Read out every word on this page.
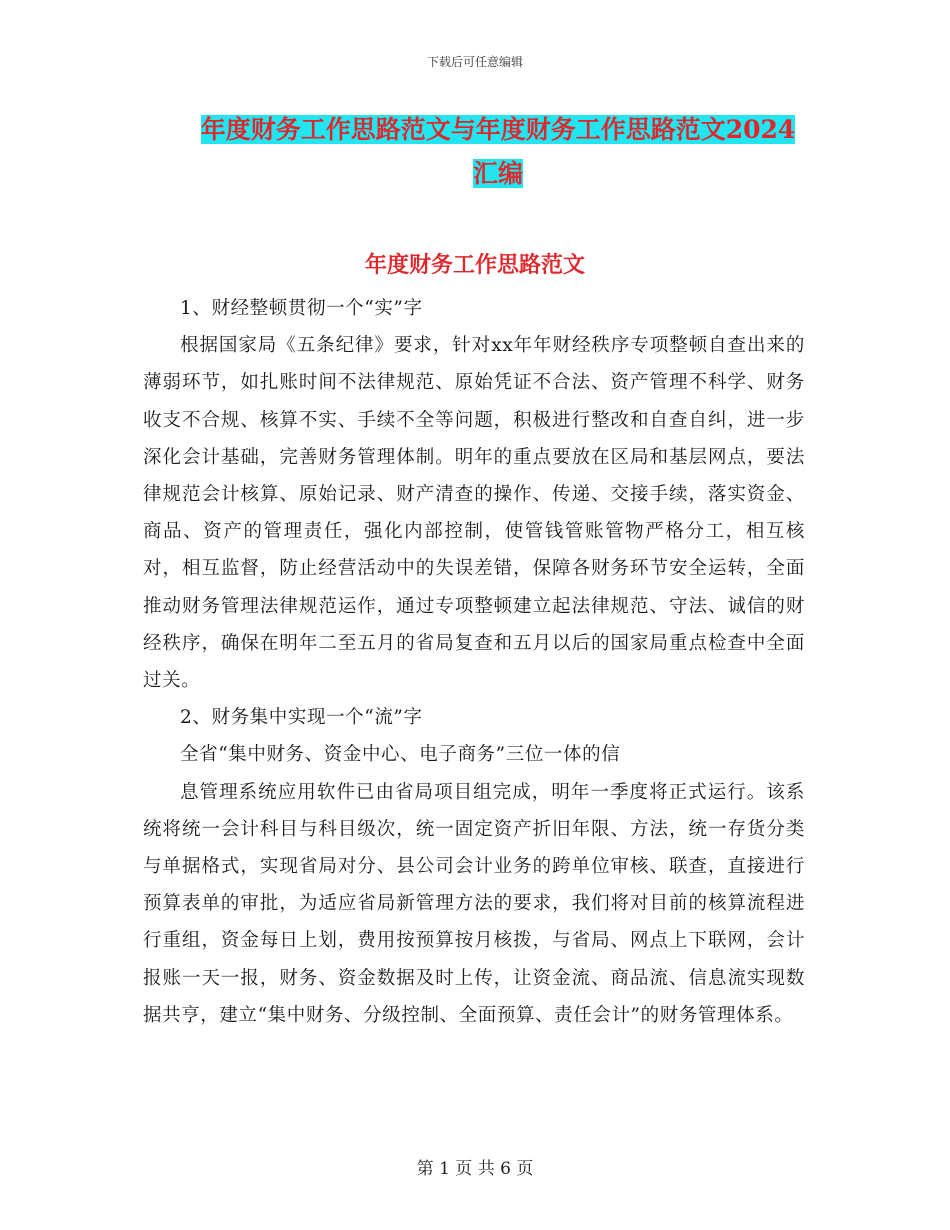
下载后可任意编辑
年度财务工作思路范文与年度财务工作思路范文2024
汇编
年度财务工作思路范文

1、财经整顿贯彻一个“实”字

根据国家局《五条纪律》要求，针对xx年年财经秩序专项整顿自查出来的薄弱环节，如扎账时间不法律规范、原始凭证不合法、资产管理不科学、财务收支不合规、核算不实、手续不全等问题，积极进行整改和自查自纠，进一步深化会计基础，完善财务管理体制。明年的重点要放在区局和基层网点，要法律规范会计核算、原始记录、财产清查的操作、传递、交接手续，落实资金、商品、资产的管理责任，强化内部控制，使管钱管账管物严格分工，相互核对，相互监督，防止经营活动中的失误差错，保障各财务环节安全运转，全面推动财务管理法律规范运作，通过专项整顿建立起法律规范、守法、诚信的财经秩序，确保在明年二至五月的省局复查和五月以后的国家局重点检查中全面过关。

2、财务集中实现一个“流”字

全省“集中财务、资金中心、电子商务”三位一体的信

息管理系统应用软件已由省局项目组完成，明年一季度将正式运行。该系统将统一会计科目与科目级次，统一固定资产折旧年限、方法，统一存货分类与单据格式，实现省局对分、县公司会计业务的跨单位审核、联查，直接进行预算表单的审批，为适应省局新管理方法的要求，我们将对目前的核算流程进行重组，资金每日上划，费用按预算按月核拨，与省局、网点上下联网，会计报账一天一报，财务、资金数据及时上传，让资金流、商品流、信息流实现数据共亨，建立“集中财务、分级控制、全面预算、责任会计”的财务管理体系。

第 1 页 共 6 页
